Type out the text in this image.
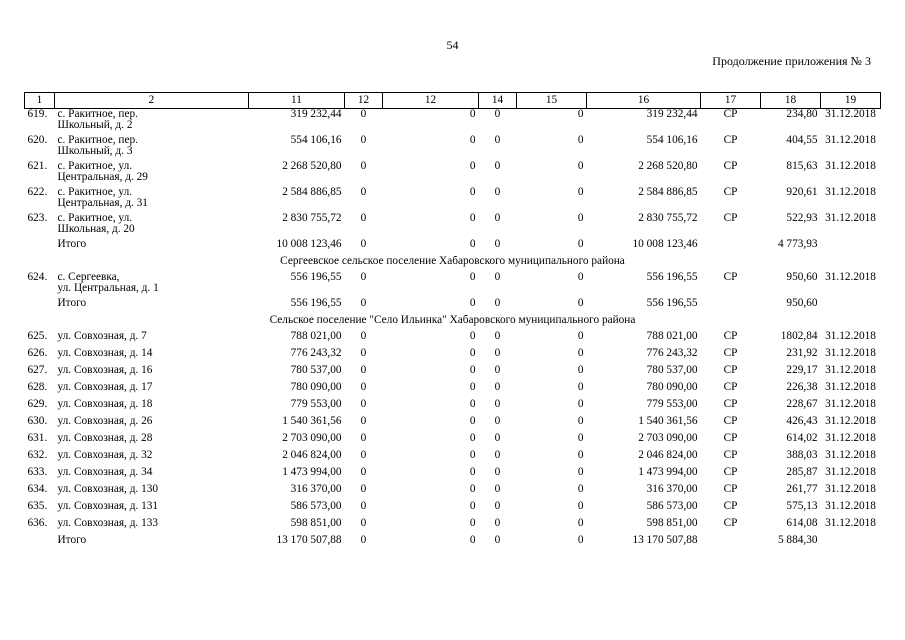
54
Продолжение приложения № 3
1	2	11	12	12	14	15	16	17	18	19
619.	с. Ракитное, пер.
Школьный, д. 2	319 232,44	0	0	0	0	319 232,44	СР	234,80	31.12.2018
620.	с. Ракитное, пер.
Школьный, д. 3	554 106,16	0	0	0	0	554 106,16	СР	404,55	31.12.2018
621.	с. Ракитное, ул.
Центральная, д. 29	2 268 520,80	0	0	0	0	2 268 520,80	СР	815,63	31.12.2018
622.	с. Ракитное, ул.
Центральная, д. 31	2 584 886,85	0	0	0	0	2 584 886,85	СР	920,61	31.12.2018
623.	с. Ракитное, ул.
Школьная, д. 20	2 830 755,72	0	0	0	0	2 830 755,72	СР	522,93	31.12.2018

	Итого	10 008 123,46	0	0	0	0	10 008 123,46		4 773,93	
Сергеевское сельское поселение Хабаровского муниципального района										
624.	с. Сергеевка,
ул. Центральная, д. 1	556 196,55	0	0	0	0	556 196,55	СР	950,60	31.12.2018

	Итого	556 196,55	0	0	0	0	556 196,55		950,60	
Сельское поселение "Село Ильинка" Хабаровского муниципального района										
625.	ул. Совхозная, д. 7	788 021,00	0	0	0	0	788 021,00	СР	1802,84	31.12.2018
626.	ул. Совхозная, д. 14	776 243,32	0	0	0	0	776 243,32	СР	231,92	31.12.2018
627.	ул. Совхозная, д. 16	780 537,00	0	0	0	0	780 537,00	СР	229,17	31.12.2018
628.	ул. Совхозная, д. 17	780 090,00	0	0	0	0	780 090,00	СР	226,38	31.12.2018
629.	ул. Совхозная, д. 18	779 553,00	0	0	0	0	779 553,00	СР	228,67	31.12.2018
630.	ул. Совхозная, д. 26	1 540 361,56	0	0	0	0	1 540 361,56	СР	426,43	31.12.2018
631.	ул. Совхозная, д. 28	2 703 090,00	0	0	0	0	2 703 090,00	СР	614,02	31.12.2018
632.	ул. Совхозная, д. 32	2 046 824,00	0	0	0	0	2 046 824,00	СР	388,03	31.12.2018
633.	ул. Совхозная, д. 34	1 473 994,00	0	0	0	0	1 473 994,00	СР	285,87	31.12.2018
634.	ул. Совхозная, д. 130	316 370,00	0	0	0	0	316 370,00	СР	261,77	31.12.2018
635.	ул. Совхозная, д. 131	586 573,00	0	0	0	0	586 573,00	СР	575,13	31.12.2018
636.	ул. Совхозная, д. 133	598 851,00	0	0	0	0	598 851,00	СР	614,08	31.12.2018

	Итого	13 170 507,88	0	0	0	0	13 170 507,88		5 884,30	
